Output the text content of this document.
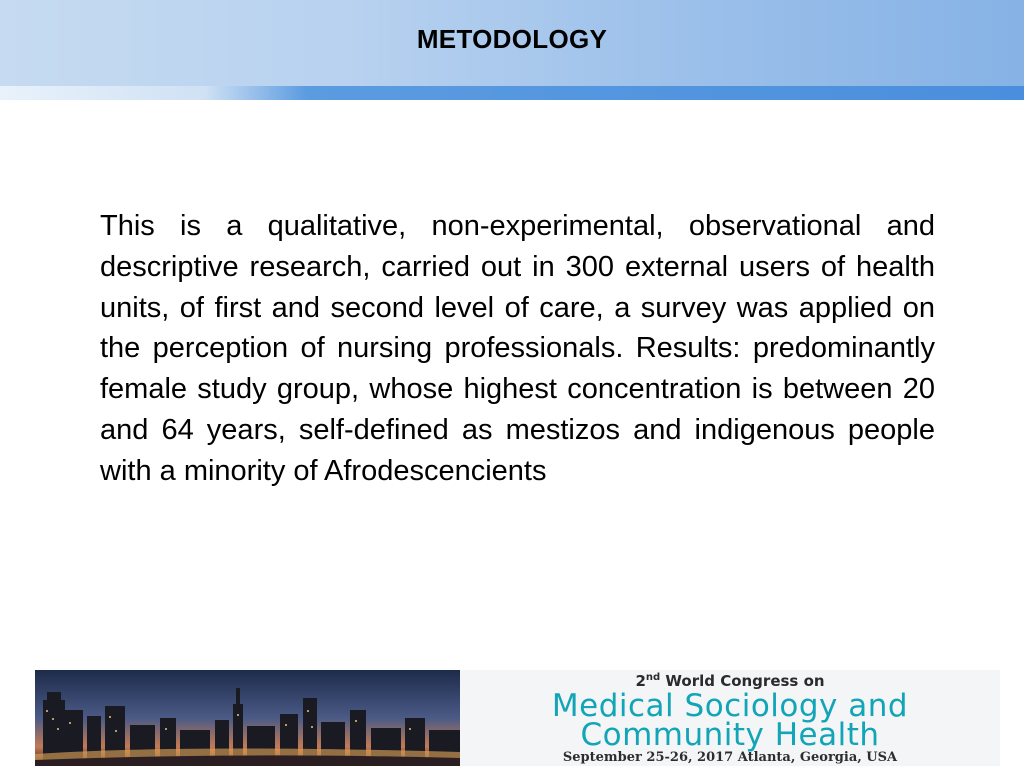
METODOLOGY
This is a qualitative, non-experimental, observational and descriptive research, carried out in 300 external users of health units, of first and second level of care, a survey was applied on the perception of nursing professionals. Results: predominantly female study group, whose highest concentration is between 20 and 64 years, self-defined as mestizos and indigenous people with a minority of Afrodescencients
2nd World Congress on
Medical Sociology and
Community Health
September 25-26, 2017 Atlanta, Georgia, USA
